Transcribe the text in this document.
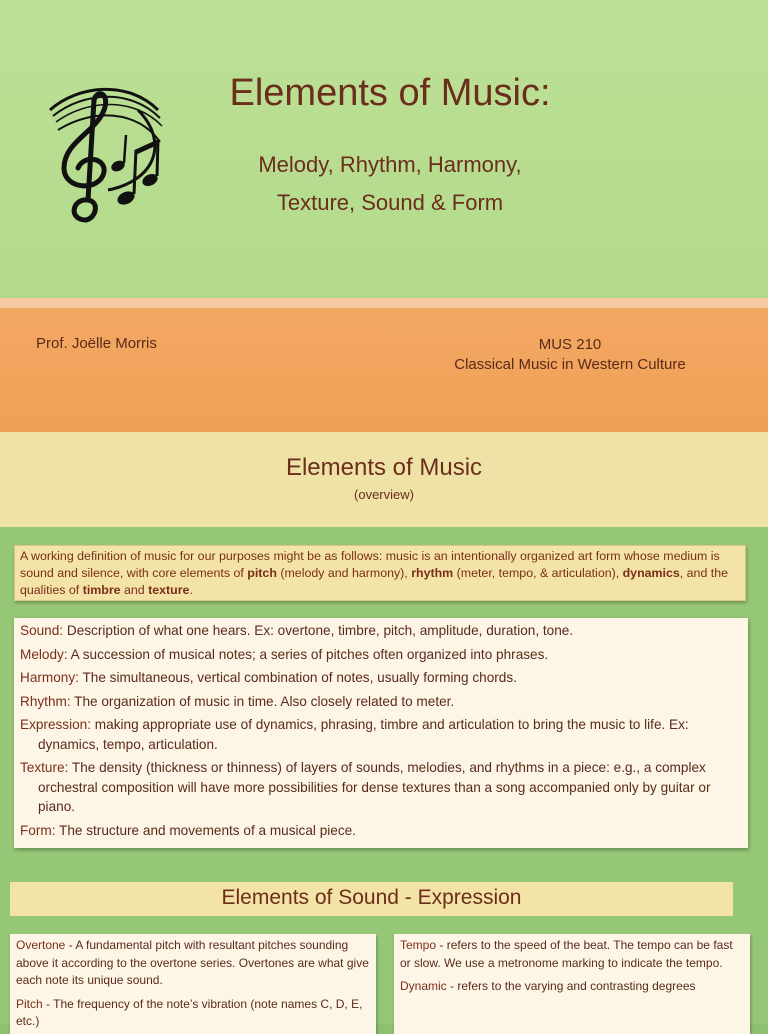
Elements of Music:
Melody, Rhythm, Harmony,
Texture, Sound & Form
Prof. Joëlle Morris	MUS 210
Classical Music in Western Culture
Elements of Music
(overview)
A working definition of music for our purposes might be as follows: music is an intentionally organized art form whose medium is sound and silence, with core elements of pitch (melody and harmony), rhythm (meter, tempo, & articulation), dynamics, and the qualities of timbre and texture.
Sound: Description of what one hears. Ex: overtone, timbre, pitch, amplitude, duration, tone.
Melody: A succession of musical notes; a series of pitches often organized into phrases.
Harmony: The simultaneous, vertical combination of notes, usually forming chords.
Rhythm: The organization of music in time. Also closely related to meter.
Expression: making appropriate use of dynamics, phrasing, timbre and articulation to bring the music to life. Ex: dynamics, tempo, articulation.
Texture: The density (thickness or thinness) of layers of sounds, melodies, and rhythms in a piece: e.g., a complex orchestral composition will have more possibilities for dense textures than a song accompanied only by guitar or piano.
Form: The structure and movements of a musical piece.
Elements of Sound - Expression
Overtone - A fundamental pitch with resultant pitches sounding above it according to the overtone series. Overtones are what give each note its unique sound.
Pitch - The frequency of the note’s vibration (note names C, D, E, etc.)
Tempo - refers to the speed of the beat. The tempo can be fast or slow. We use a metronome marking to indicate the tempo.
Dynamic - refers to the varying and contrasting degrees
